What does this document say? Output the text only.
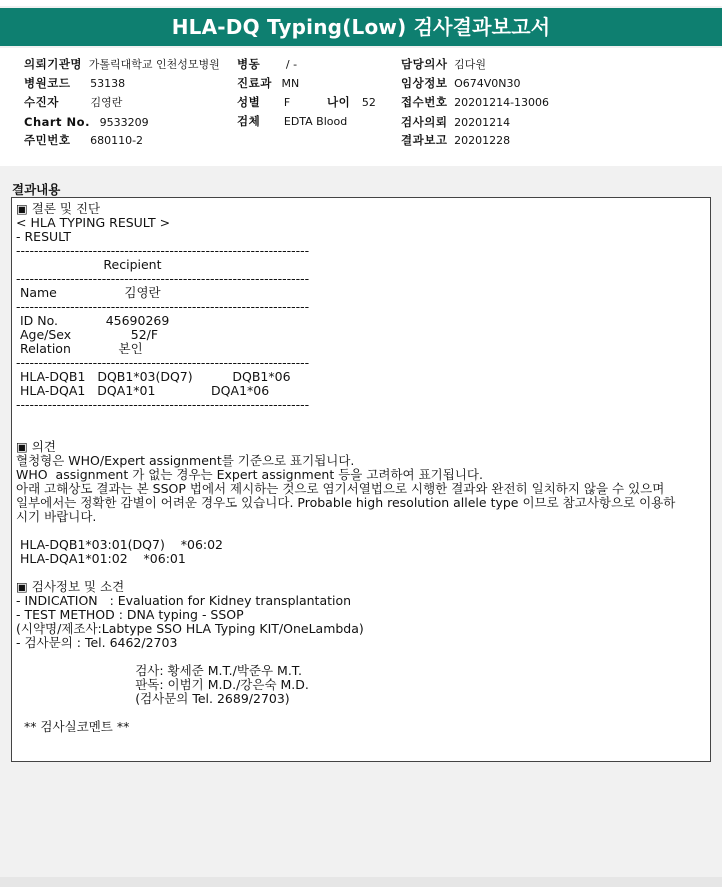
HLA-DQ Typing(Low) 검사결과보고서
의뢰기관명 가톨릭대학교 인천성모병원 병동 / -	담당의사 김다원
병원코드 53138	진료과 MN	임상정보 O674V0N30
수진자	김영란	성별 F	나이 52 접수번호 20201214-13006
Chart No. 9533209	검체 EDTA Blood	검사의뢰 20201214
주민번호 680110-2	결과보고 20201228
결과내용
▣ 결론 및 진단
< HLA TYPING RESULT >
- RESULT
-----------------------------------------------------------------
Recipient
-----------------------------------------------------------------
Name                 김영란
-----------------------------------------------------------------
ID No.            45690269
Age/Sex               52/F
Relation            본인
-----------------------------------------------------------------
HLA-DQB1   DQB1*03(DQ7)          DQB1*06
HLA-DQA1   DQA1*01              DQA1*06
-----------------------------------------------------------------
▣ 의견
혈청형은 WHO/Expert assignment를 기준으로 표기됩니다.
WHO  assignment 가 없는 경우는 Expert assignment 등을 고려하여 표기됩니다.
아래 고해상도 결과는 본 SSOP 법에서 제시하는 것으로 염기서열법으로 시행한 결과와 완전히 일치하지 않을 수 있으며
일부에서는 정확한 감별이 어려운 경우도 있습니다. Probable high resolution allele type 이므로 참고사항으로 이용하
시기 바랍니다.
HLA-DQB1*03:01(DQ7)    *06:02
HLA-DQA1*01:02    *06:01
▣ 검사정보 및 소견
- INDICATION   : Evaluation for Kidney transplantation
- TEST METHOD : DNA typing - SSOP
(시약명/제조사:Labtype SSO HLA Typing KIT/OneLambda)
- 검사문의 : Tel. 6462/2703
검사: 황세준 M.T./박준우 M.T.
판독: 이범기 M.D./강은숙 M.D.
(검사문의 Tel. 2689/2703)
** 검사실코멘트 **
